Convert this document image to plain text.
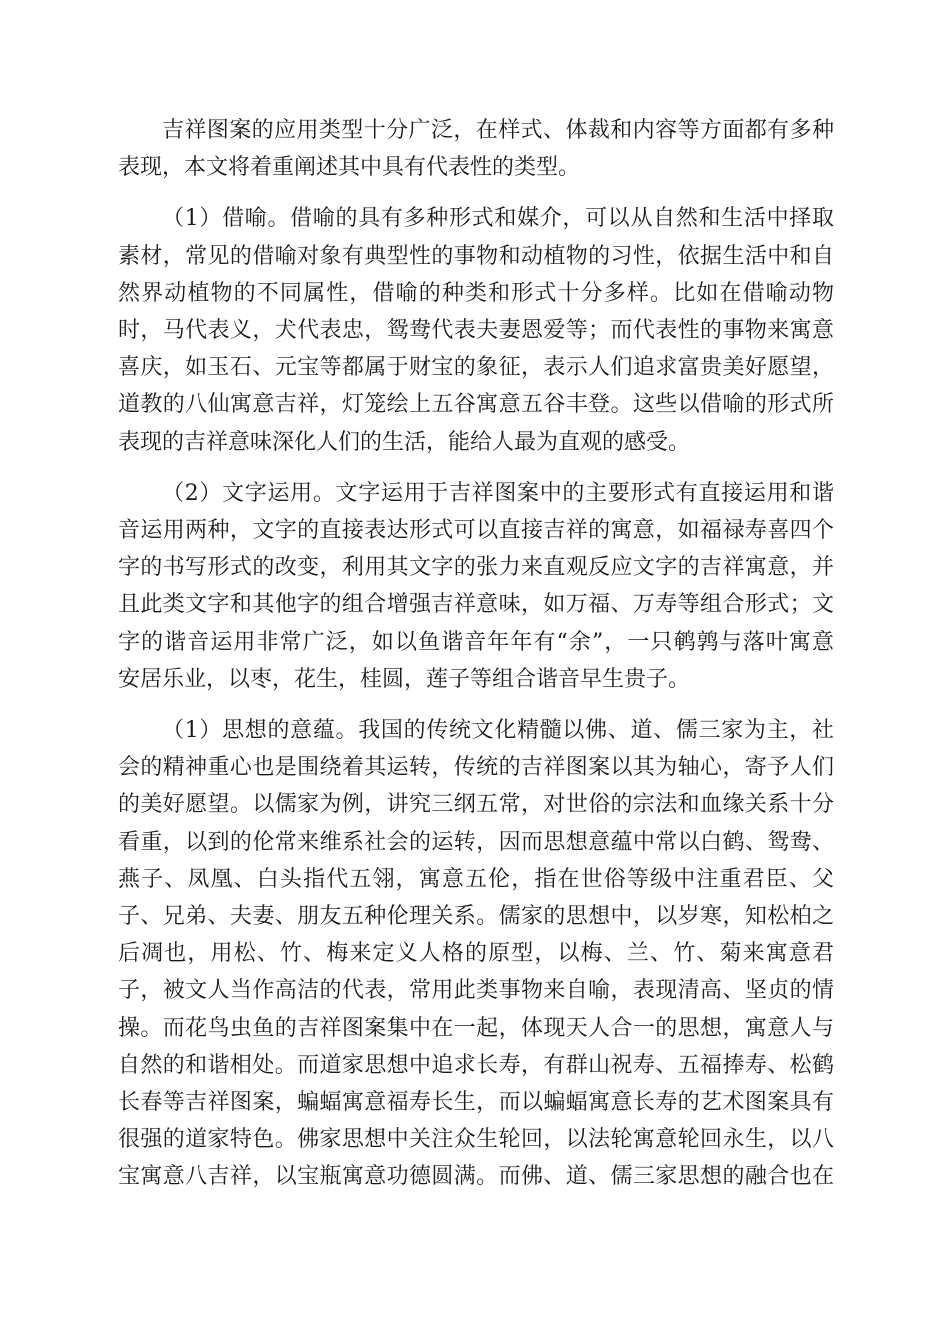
吉祥图案的应用类型十分广泛，在样式、体裁和内容等方面都有多种
表现，本文将着重阐述其中具有代表性的类型。

（1）借喻。借喻的具有多种形式和媒介，可以从自然和生活中择取
素材，常见的借喻对象有典型性的事物和动植物的习性，依据生活中和自
然界动植物的不同属性，借喻的种类和形式十分多样。比如在借喻动物
时，马代表义，犬代表忠，鸳鸯代表夫妻恩爱等；而代表性的事物来寓意
喜庆，如玉石、元宝等都属于财宝的象征，表示人们追求富贵美好愿望，
道教的八仙寓意吉祥，灯笼绘上五谷寓意五谷丰登。这些以借喻的形式所
表现的吉祥意味深化人们的生活，能给人最为直观的感受。

（2）文字运用。文字运用于吉祥图案中的主要形式有直接运用和谐
音运用两种，文字的直接表达形式可以直接吉祥的寓意，如福禄寿喜四个
字的书写形式的改变，利用其文字的张力来直观反应文字的吉祥寓意，并
且此类文字和其他字的组合增强吉祥意味，如万福、万寿等组合形式；文
字的谐音运用非常广泛，如以鱼谐音年年有“余”，一只鹌鹑与落叶寓意
安居乐业，以枣，花生，桂圆，莲子等组合谐音早生贵子。

（1）思想的意蕴。我国的传统文化精髓以佛、道、儒三家为主，社
会的精神重心也是围绕着其运转，传统的吉祥图案以其为轴心，寄予人们
的美好愿望。以儒家为例，讲究三纲五常，对世俗的宗法和血缘关系十分
看重，以到的伦常来维系社会的运转，因而思想意蕴中常以白鹤、鸳鸯、
燕子、凤凰、白头指代五翎，寓意五伦，指在世俗等级中注重君臣、父
子、兄弟、夫妻、朋友五种伦理关系。儒家的思想中，以岁寒，知松柏之
后凋也，用松、竹、梅来定义人格的原型，以梅、兰、竹、菊来寓意君
子，被文人当作高洁的代表，常用此类事物来自喻，表现清高、坚贞的情
操。而花鸟虫鱼的吉祥图案集中在一起，体现天人合一的思想，寓意人与
自然的和谐相处。而道家思想中追求长寿，有群山祝寿、五福捧寿、松鹤
长春等吉祥图案，蝙蝠寓意福寿长生，而以蝙蝠寓意长寿的艺术图案具有
很强的道家特色。佛家思想中关注众生轮回，以法轮寓意轮回永生，以八
宝寓意八吉祥，以宝瓶寓意功德圆满。而佛、道、儒三家思想的融合也在
